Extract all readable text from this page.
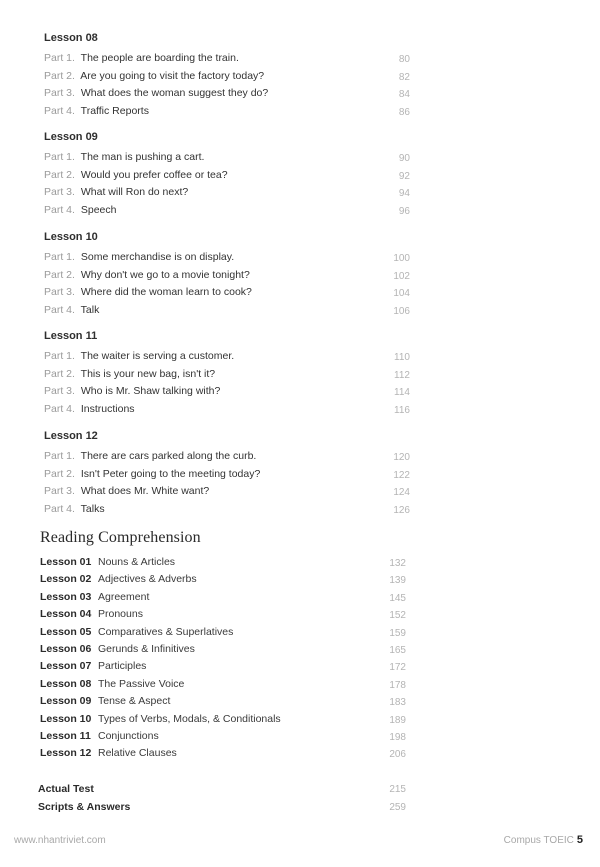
Lesson 08
Part 1. The people are boarding the train.	80
Part 2. Are you going to visit the factory today?	82
Part 3. What does the woman suggest they do?	84
Part 4. Traffic Reports	86
Lesson 09
Part 1. The man is pushing a cart.	90
Part 2. Would you prefer coffee or tea?	92
Part 3. What will Ron do next?	94
Part 4. Speech	96
Lesson 10
Part 1. Some merchandise is on display.	100
Part 2. Why don't we go to a movie tonight?	102
Part 3. Where did the woman learn to cook?	104
Part 4. Talk	106
Lesson 11
Part 1. The waiter is serving a customer.	110
Part 2. This is your new bag, isn't it?	112
Part 3. Who is Mr. Shaw talking with?	114
Part 4. Instructions	116
Lesson 12
Part 1. There are cars parked along the curb.	120
Part 2. Isn't Peter going to the meeting today?	122
Part 3. What does Mr. White want?	124
Part 4. Talks	126
Reading Comprehension
Lesson 01 Nouns & Articles	132
Lesson 02 Adjectives & Adverbs	139
Lesson 03 Agreement	145
Lesson 04 Pronouns	152
Lesson 05 Comparatives & Superlatives	159
Lesson 06 Gerunds & Infinitives	165
Lesson 07 Participles	172
Lesson 08 The Passive Voice	178
Lesson 09 Tense & Aspect	183
Lesson 10 Types of Verbs, Modals, & Conditionals	189
Lesson 11 Conjunctions	198
Lesson 12 Relative Clauses	206
Actual Test	215
Scripts & Answers	259
www.nhantriviet.com	Compus TOEIC 5
